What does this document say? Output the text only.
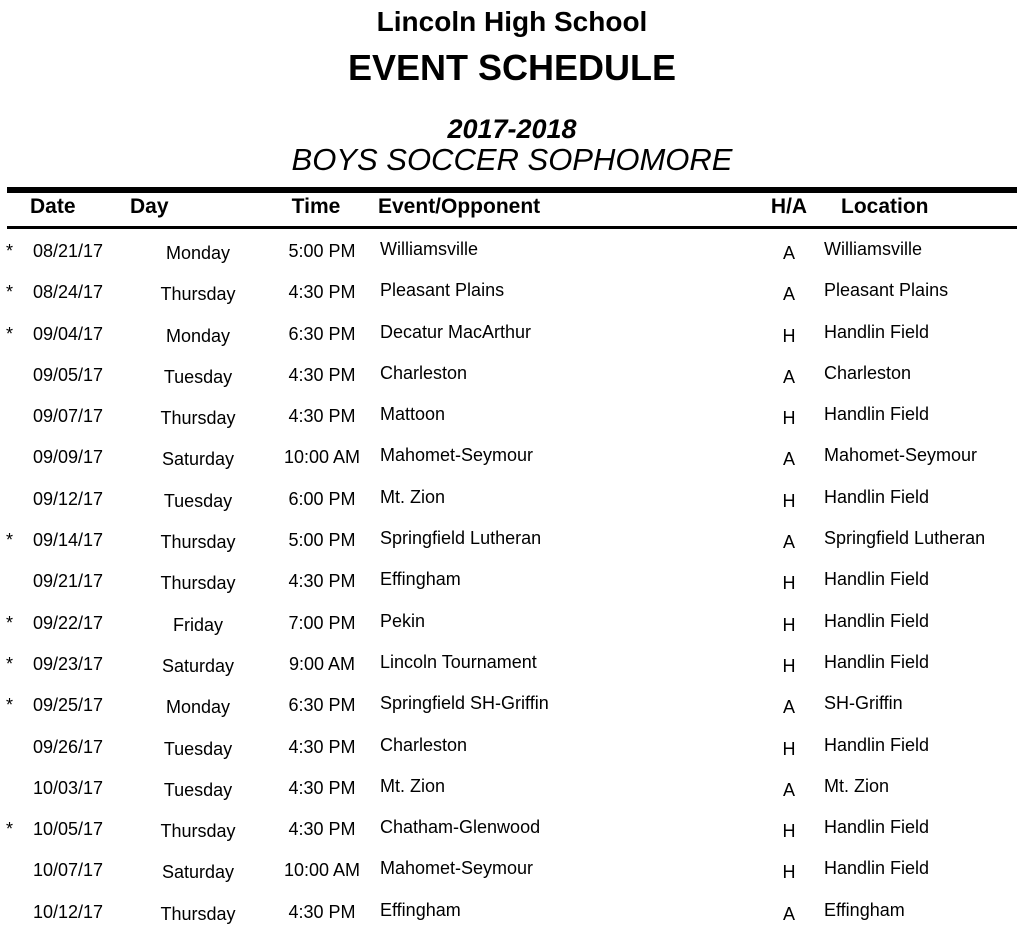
Lincoln High School
EVENT SCHEDULE
2017-2018
BOYS SOCCER SOPHOMORE
Date	Day	Time	Event/Opponent	H/A	Location
*	08/21/17	Monday	5:00 PM	Williamsville	A	Williamsville
*	08/24/17	Thursday	4:30 PM	Pleasant Plains	A	Pleasant Plains
*	09/04/17	Monday	6:30 PM	Decatur MacArthur	H	Handlin Field
09/05/17	Tuesday	4:30 PM	Charleston	A	Charleston
09/07/17	Thursday	4:30 PM	Mattoon	H	Handlin Field
09/09/17	Saturday	10:00 AM	Mahomet-Seymour	A	Mahomet-Seymour
09/12/17	Tuesday	6:00 PM	Mt. Zion	H	Handlin Field
*	09/14/17	Thursday	5:00 PM	Springfield Lutheran	A	Springfield Lutheran
09/21/17	Thursday	4:30 PM	Effingham	H	Handlin Field
*	09/22/17	Friday	7:00 PM	Pekin	H	Handlin Field
*	09/23/17	Saturday	9:00 AM	Lincoln Tournament	H	Handlin Field
*	09/25/17	Monday	6:30 PM	Springfield SH-Griffin	A	SH-Griffin
09/26/17	Tuesday	4:30 PM	Charleston	H	Handlin Field
10/03/17	Tuesday	4:30 PM	Mt. Zion	A	Mt. Zion
*	10/05/17	Thursday	4:30 PM	Chatham-Glenwood	H	Handlin Field
10/07/17	Saturday	10:00 AM	Mahomet-Seymour	H	Handlin Field
10/12/17	Thursday	4:30 PM	Effingham	A	Effingham
